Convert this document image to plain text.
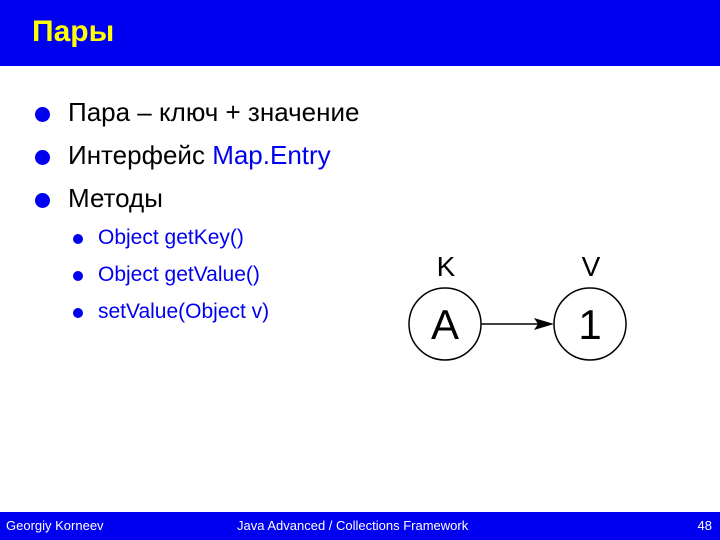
Пары
Пара – ключ + значение
Интерфейс Map.Entry
Методы
Object getKey()
Object getValue()
setValue(Object v)
K	V
A	1
Georgiy Korneev	Java Advanced / Collections Framework	48
